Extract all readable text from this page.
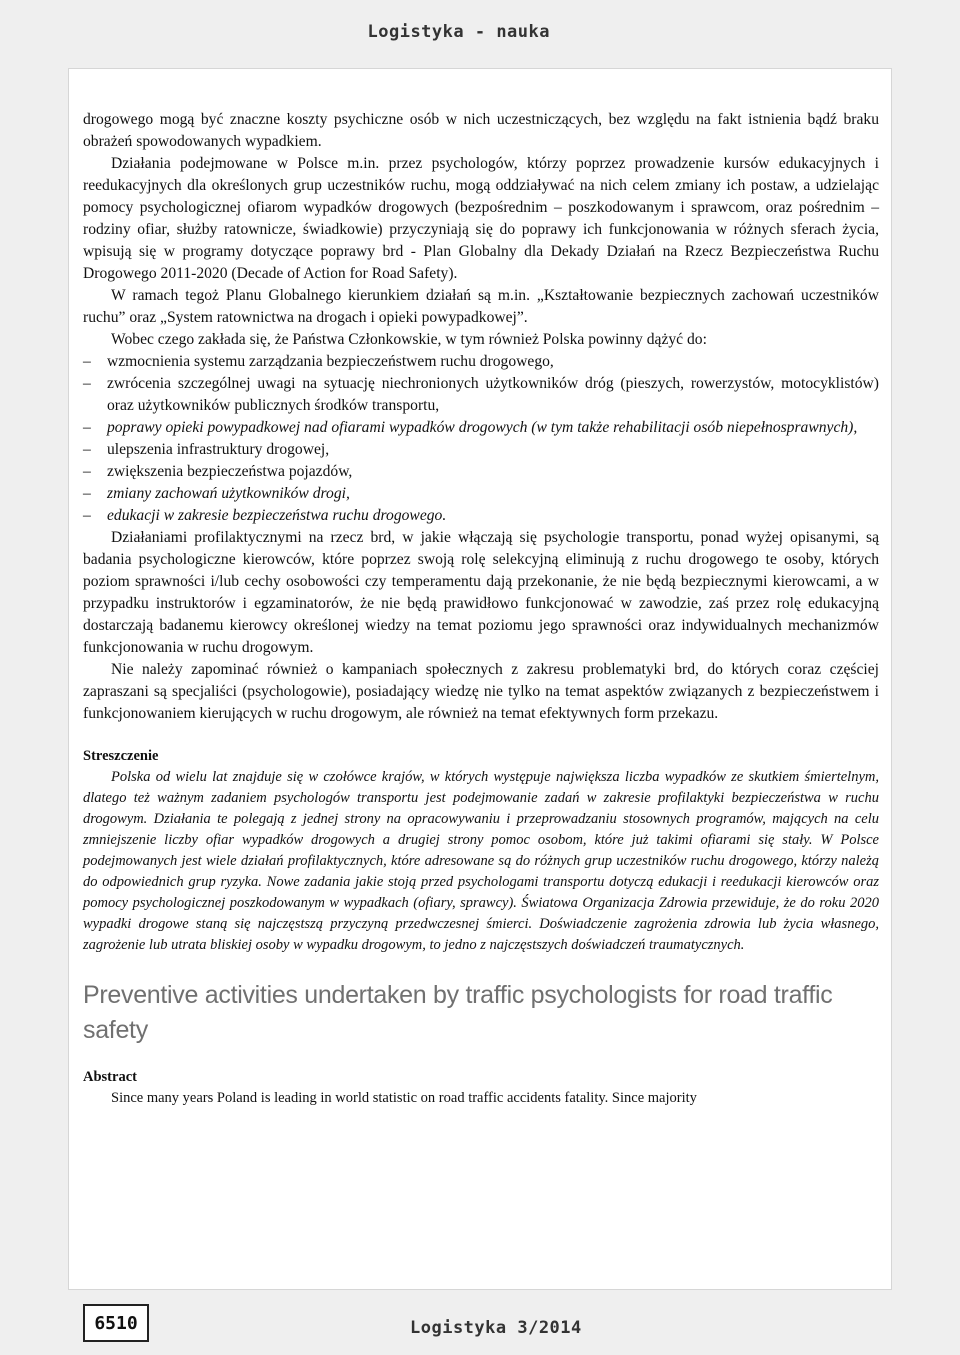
Logistyka - nauka

drogowego mogą być znaczne koszty psychiczne osób w nich uczestniczących, bez względu na fakt istnienia bądź braku obrażeń spowodowanych wypadkiem.

Działania podejmowane w Polsce m.in. przez psychologów, którzy poprzez prowadzenie kursów edukacyjnych i reedukacyjnych dla określonych grup uczestników ruchu, mogą oddziaływać na nich celem zmiany ich postaw, a udzielając pomocy psychologicznej ofiarom wypadków drogowych (bezpośrednim – poszkodowanym i sprawcom, oraz pośrednim – rodziny ofiar, służby ratownicze, świadkowie) przyczyniają się do poprawy ich funkcjonowania w różnych sferach życia, wpisują się w programy dotyczące poprawy brd - Plan Globalny dla Dekady Działań na Rzecz Bezpieczeństwa Ruchu Drogowego 2011-2020 (Decade of Action for Road Safety).

W ramach tegoż Planu Globalnego kierunkiem działań są m.in. „Kształtowanie bezpiecznych zachowań uczestników ruchu” oraz „System ratownictwa na drogach i opieki powypadkowej”.

Wobec czego zakłada się, że Państwa Członkowskie, w tym również Polska powinny dążyć do:

– wzmocnienia systemu zarządzania bezpieczeństwem ruchu drogowego,
– zwrócenia szczególnej uwagi na sytuację niechronionych użytkowników dróg (pieszych, rowerzystów, motocyklistów) oraz użytkowników publicznych środków transportu,
– poprawy opieki powypadkowej nad ofiarami wypadków drogowych (w tym także rehabilitacji osób niepełnosprawnych),
– ulepszenia infrastruktury drogowej,
– zwiększenia bezpieczeństwa pojazdów,
– zmiany zachowań użytkowników drogi,
– edukacji w zakresie bezpieczeństwa ruchu drogowego.

Działaniami profilaktycznymi na rzecz brd, w jakie włączają się psychologie transportu, ponad wyżej opisanymi, są badania psychologiczne kierowców, które poprzez swoją rolę selekcyjną eliminują z ruchu drogowego te osoby, których poziom sprawności i/lub cechy osobowości czy temperamentu dają przekonanie, że nie będą bezpiecznymi kierowcami, a w przypadku instruktorów i egzaminatorów, że nie będą prawidłowo funkcjonować w zawodzie, zaś przez rolę edukacyjną dostarczają badanemu kierowcy określonej wiedzy na temat poziomu jego sprawności oraz indywidualnych mechanizmów funkcjonowania w ruchu drogowym.

Nie należy zapominać również o kampaniach społecznych z zakresu problematyki brd, do których coraz częściej zapraszani są specjaliści (psychologowie), posiadający wiedzę nie tylko na temat aspektów związanych z bezpieczeństwem i funkcjonowaniem kierujących w ruchu drogowym, ale również na temat efektywnych form przekazu.

Streszczenie

Polska od wielu lat znajduje się w czołówce krajów, w których występuje największa liczba wypadków ze skutkiem śmiertelnym, dlatego też ważnym zadaniem psychologów transportu jest podejmowanie zadań w zakresie profilaktyki bezpieczeństwa w ruchu drogowym. Działania te polegają z jednej strony na opracowywaniu i przeprowadzaniu stosownych programów, mających na celu zmniejszenie liczby ofiar wypadków drogowych a drugiej strony pomoc osobom, które już takimi ofiarami się stały. W Polsce podejmowanych jest wiele działań profilaktycznych, które adresowane są do różnych grup uczestników ruchu drogowego, którzy należą do odpowiednich grup ryzyka. Nowe zadania jakie stoją przed psychologami transportu dotyczą edukacji i reedukacji kierowców oraz pomocy psychologicznej poszkodowanym w wypadkach (ofiary, sprawcy). Światowa Organizacja Zdrowia przewiduje, że do roku 2020 wypadki drogowe staną się najczęstszą przyczyną przedwczesnej śmierci. Doświadczenie zagrożenia zdrowia lub życia własnego, zagrożenie lub utrata bliskiej osoby w wypadku drogowym, to jedno z najczęstszych doświadczeń traumatycznych.

Preventive activities undertaken by traffic psychologists for road traffic safety

Abstract

Since many years Poland is leading in world statistic on road traffic accidents fatality. Since majority

6510	Logistyka 3/2014
